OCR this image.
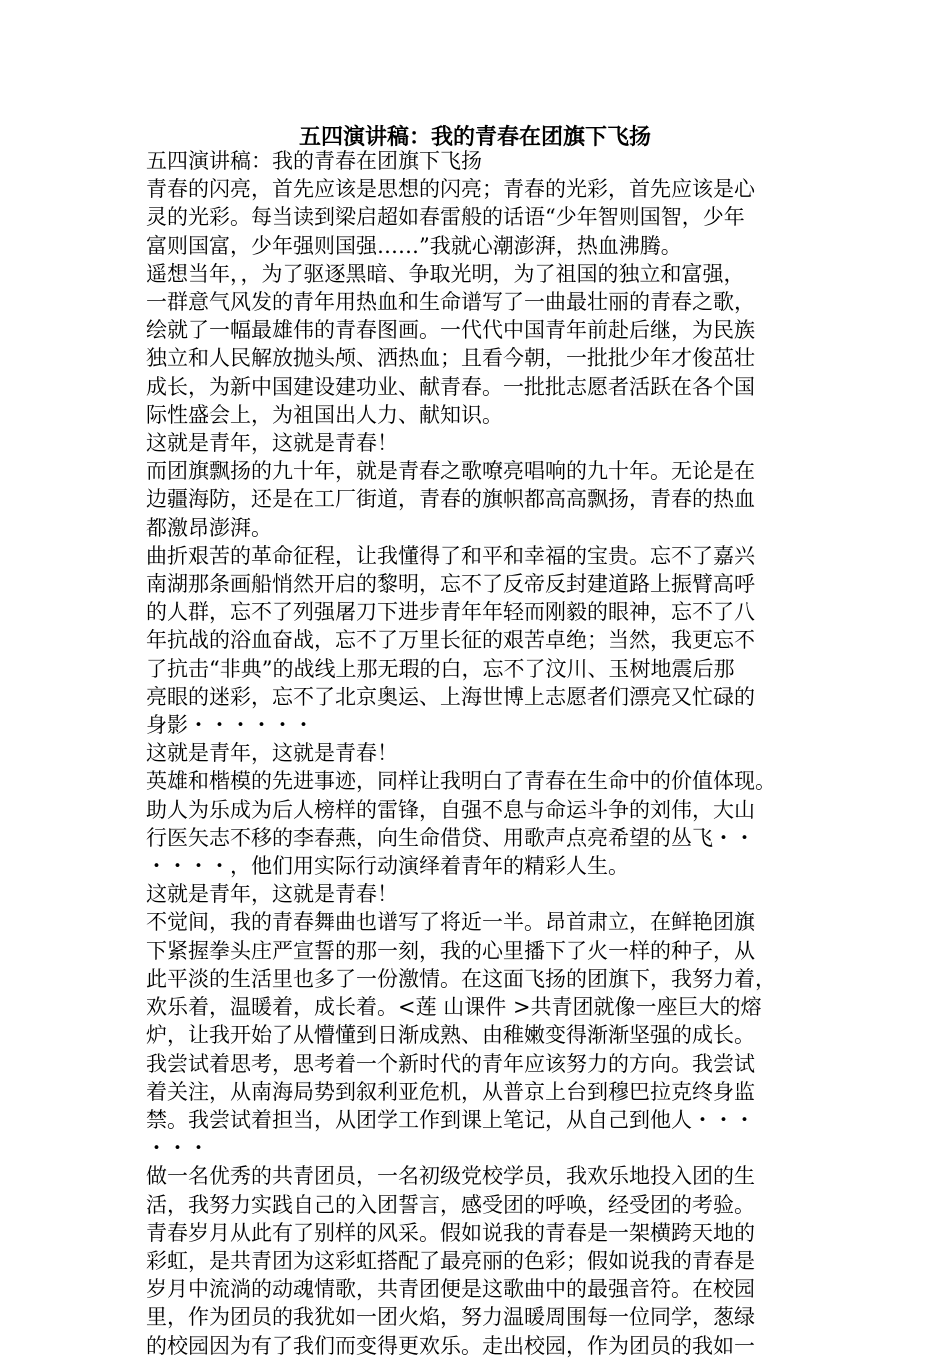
五四演讲稿：我的青春在团旗下飞扬

五四演讲稿：我的青春在团旗下飞扬

青春的闪亮，首先应该是思想的闪亮；青春的光彩，首先应该是心

灵的光彩。每当读到梁启超如春雷般的话语“少年智则国智，少年

富则国富，少年强则国强……”我就心潮澎湃，热血沸腾。

遥想当年，，为了驱逐黑暗、争取光明，为了祖国的独立和富强，

一群意气风发的青年用热血和生命谱写了一曲最壮丽的青春之歌，

绘就了一幅最雄伟的青春图画。一代代中国青年前赴后继，为民族

独立和人民解放抛头颅、洒热血；且看今朝，一批批少年才俊茁壮

成长，为新中国建设建功业、献青春。一批批志愿者活跃在各个国

际性盛会上，为祖国出人力、献知识。

这就是青年，这就是青春！

而团旗飘扬的九十年，就是青春之歌嘹亮唱响的九十年。无论是在

边疆海防，还是在工厂街道，青春的旗帜都高高飘扬，青春的热血

都激昂澎湃。

曲折艰苦的革命征程，让我懂得了和平和幸福的宝贵。忘不了嘉兴

南湖那条画船悄然开启的黎明，忘不了反帝反封建道路上振臂高呼

的人群，忘不了列强屠刀下进步青年年轻而刚毅的眼神，忘不了八

年抗战的浴血奋战，忘不了万里长征的艰苦卓绝；当然，我更忘不

了抗击“非典”的战线上那无瑕的白，忘不了汶川、玉树地震后那

亮眼的迷彩，忘不了北京奥运、上海世博上志愿者们漂亮又忙碌的

身影・・・・・・

这就是青年，这就是青春！

英雄和楷模的先进事迹，同样让我明白了青春在生命中的价值体现。

助人为乐成为后人榜样的雷锋，自强不息与命运斗争的刘伟，大山

行医矢志不移的李春燕，向生命借贷、用歌声点亮希望的丛飞・・

・・・・，他们用实际行动演绎着青年的精彩人生。

这就是青年，这就是青春！

不觉间，我的青春舞曲也谱写了将近一半。昂首肃立，在鲜艳团旗

下紧握拳头庄严宣誓的那一刻，我的心里播下了火一样的种子，从

此平淡的生活里也多了一份激情。在这面飞扬的团旗下，我努力着，

欢乐着，温暖着，成长着。<莲 山课件 >共青团就像一座巨大的熔

炉，让我开始了从懵懂到日渐成熟、由稚嫩变得渐渐坚强的成长。

我尝试着思考，思考着一个新时代的青年应该努力的方向。我尝试

着关注，从南海局势到叙利亚危机，从普京上台到穆巴拉克终身监

禁。我尝试着担当，从团学工作到课上笔记，从自己到他人・・・

・・・

做一名优秀的共青团员，一名初级党校学员，我欢乐地投入团的生

活，我努力实践自己的入团誓言，感受团的呼唤，经受团的考验。

青春岁月从此有了别样的风采。假如说我的青春是一架横跨天地的

彩虹，是共青团为这彩虹搭配了最亮丽的色彩；假如说我的青春是

岁月中流淌的动魂情歌，共青团便是这歌曲中的最强音符。在校园

里，作为团员的我犹如一团火焰，努力温暖周围每一位同学，葱绿

的校园因为有了我们而变得更欢乐。走出校园，作为团员的我如一
